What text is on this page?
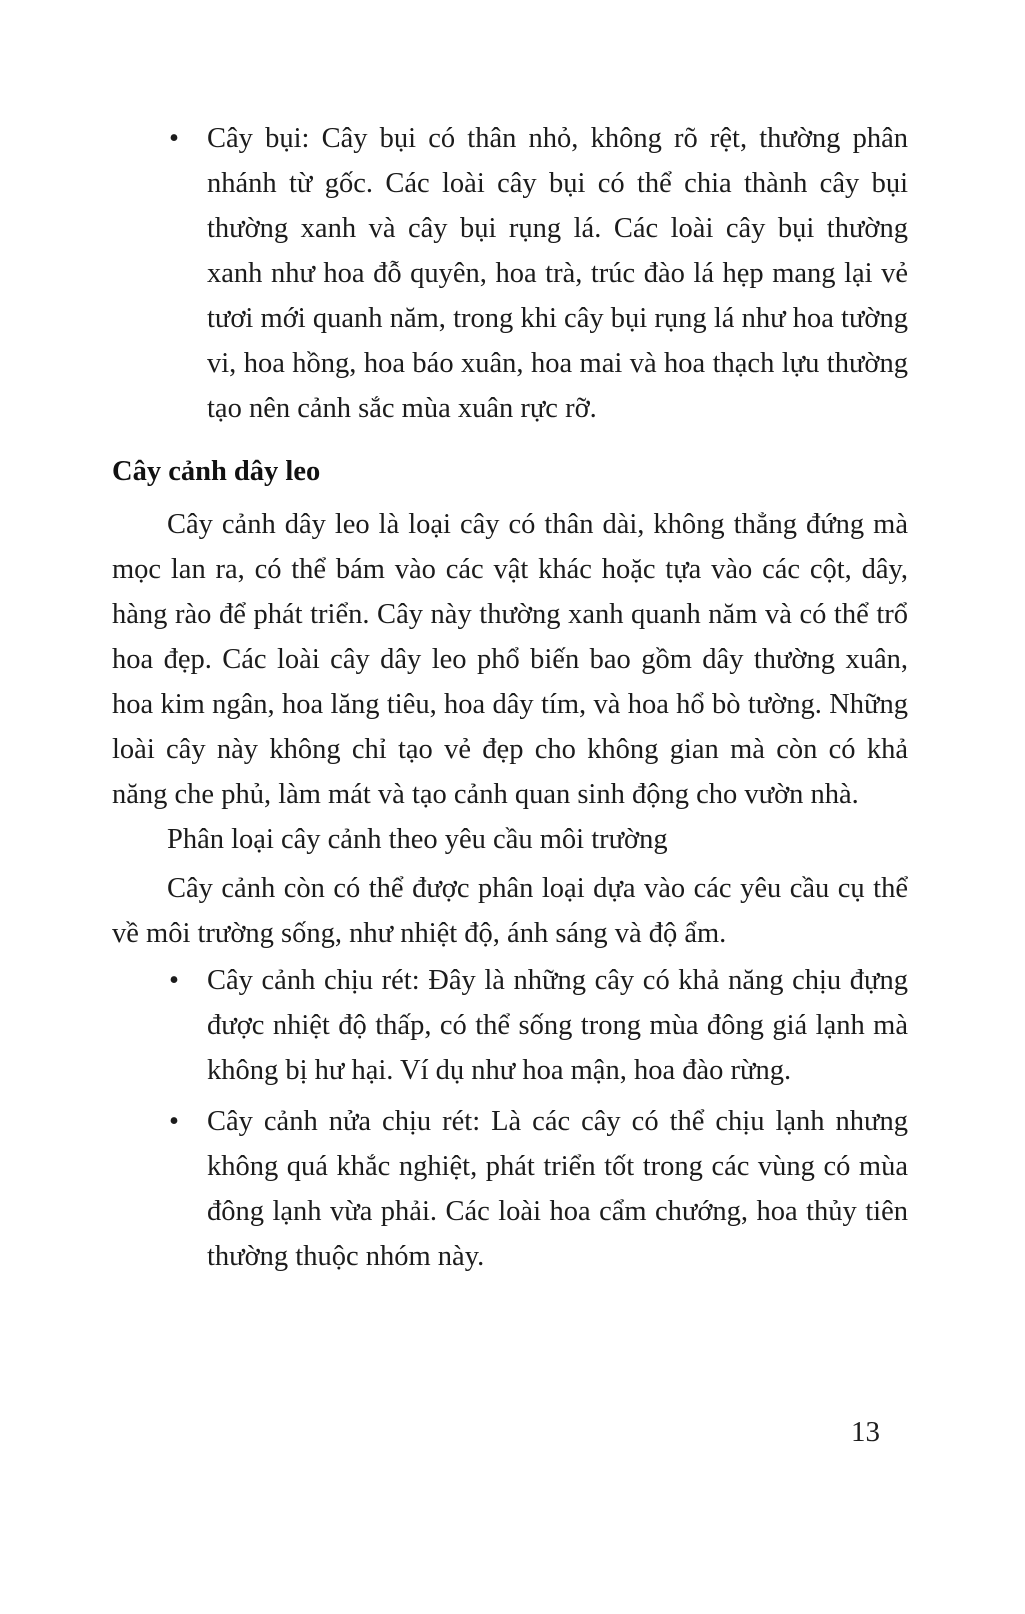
• Cây bụi: Cây bụi có thân nhỏ, không rõ rệt, thường phân nhánh từ gốc. Các loài cây bụi có thể chia thành cây bụi thường xanh và cây bụi rụng lá. Các loài cây bụi thường xanh như hoa đỗ quyên, hoa trà, trúc đào lá hẹp mang lại vẻ tươi mới quanh năm, trong khi cây bụi rụng lá như hoa tường vi, hoa hồng, hoa báo xuân, hoa mai và hoa thạch lựu thường tạo nên cảnh sắc mùa xuân rực rỡ.
Cây cảnh dây leo

Cây cảnh dây leo là loại cây có thân dài, không thẳng đứng mà mọc lan ra, có thể bám vào các vật khác hoặc tựa vào các cột, dây, hàng rào để phát triển. Cây này thường xanh quanh năm và có thể trổ hoa đẹp. Các loài cây dây leo phổ biến bao gồm dây thường xuân, hoa kim ngân, hoa lăng tiêu, hoa dây tím, và hoa hổ bò tường. Những loài cây này không chỉ tạo vẻ đẹp cho không gian mà còn có khả năng che phủ, làm mát và tạo cảnh quan sinh động cho vườn nhà.

Phân loại cây cảnh theo yêu cầu môi trường

Cây cảnh còn có thể được phân loại dựa vào các yêu cầu cụ thể về môi trường sống, như nhiệt độ, ánh sáng và độ ẩm.

• Cây cảnh chịu rét: Đây là những cây có khả năng chịu đựng được nhiệt độ thấp, có thể sống trong mùa đông giá lạnh mà không bị hư hại. Ví dụ như hoa mận, hoa đào rừng.
• Cây cảnh nửa chịu rét: Là các cây có thể chịu lạnh nhưng không quá khắc nghiệt, phát triển tốt trong các vùng có mùa đông lạnh vừa phải. Các loài hoa cẩm chướng, hoa thủy tiên thường thuộc nhóm này.
13
